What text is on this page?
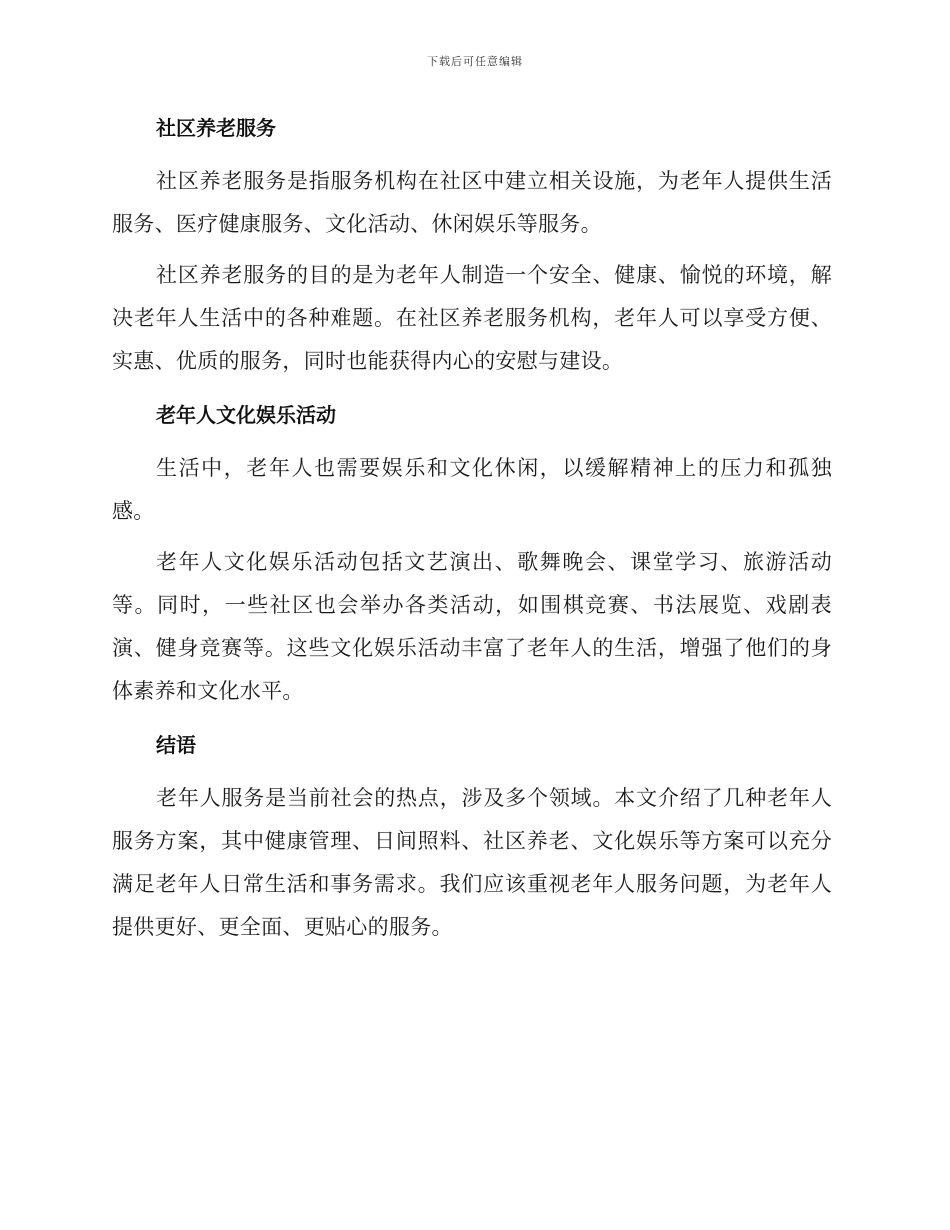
下载后可任意编辑
社区养老服务

社区养老服务是指服务机构在社区中建立相关设施，为老年人提供生活服务、医疗健康服务、文化活动、休闲娱乐等服务。

社区养老服务的目的是为老年人制造一个安全、健康、愉悦的环境，解决老年人生活中的各种难题。在社区养老服务机构，老年人可以享受方便、实惠、优质的服务，同时也能获得内心的安慰与建设。

老年人文化娱乐活动

生活中，老年人也需要娱乐和文化休闲，以缓解精神上的压力和孤独感。

老年人文化娱乐活动包括文艺演出、歌舞晚会、课堂学习、旅游活动等。同时，一些社区也会举办各类活动，如围棋竞赛、书法展览、戏剧表演、健身竞赛等。这些文化娱乐活动丰富了老年人的生活，增强了他们的身体素养和文化水平。

结语

老年人服务是当前社会的热点，涉及多个领域。本文介绍了几种老年人服务方案，其中健康管理、日间照料、社区养老、文化娱乐等方案可以充分满足老年人日常生活和事务需求。我们应该重视老年人服务问题，为老年人提供更好、更全面、更贴心的服务。
